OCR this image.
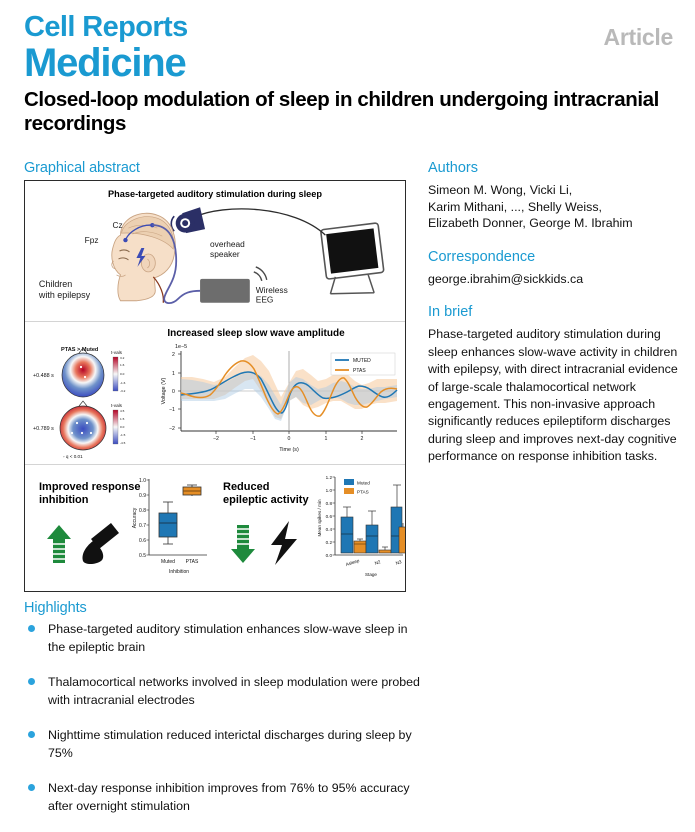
Cell Reports
Medicine
Article
Closed-loop modulation of sleep in children undergoing intracranial recordings
Graphical abstract
Phase-targeted auditory stimulation during sleep
Cz
Fpz	overhead
speaker
Wireless
EEG
Children
with epilepsy
Increased sleep slow wave amplitude
PTAS > Muted
+0.488 s
t-vals
3.2
1.6
0.0
-1.6
-3.2
+0.789 s
t-vals
4.5
1.5
0.0
-1.5
-4.5
◦ q < 0.01
1e−5
2
1
0
−1
−2
−2	−1	0	1	2
Time (s)
Voltage (V)
MUTED
PTAS
Improved response inhibition
1.0
0.9
0.8
0.7
0.6
0.5
Accuracy
Muted PTAS
Inhibition
Reduced epileptic activity
1.2
1.0
0.8
0.6
0.4
0.2
0.0
Mean spikes / min
Asleep	N2	N3
Stage
Muted
PTAS
Highlights
Phase-targeted auditory stimulation enhances slow-wave sleep in the epileptic brain
Thalamocortical networks involved in sleep modulation were probed with intracranial electrodes
Nighttime stimulation reduced interictal discharges during sleep by 75%
Next-day response inhibition improves from 76% to 95% accuracy after overnight stimulation
Authors
Simeon M. Wong, Vicki Li,
Karim Mithani, ..., Shelly Weiss,
Elizabeth Donner, George M. Ibrahim
Correspondence
george.ibrahim@sickkids.ca
In brief
Phase-targeted auditory stimulation during sleep enhances slow-wave activity in children with epilepsy, with direct intracranial evidence of large-scale thalamocortical network engagement. This non-invasive approach significantly reduces epileptiform discharges during sleep and improves next-day cognitive performance on response inhibition tasks.
